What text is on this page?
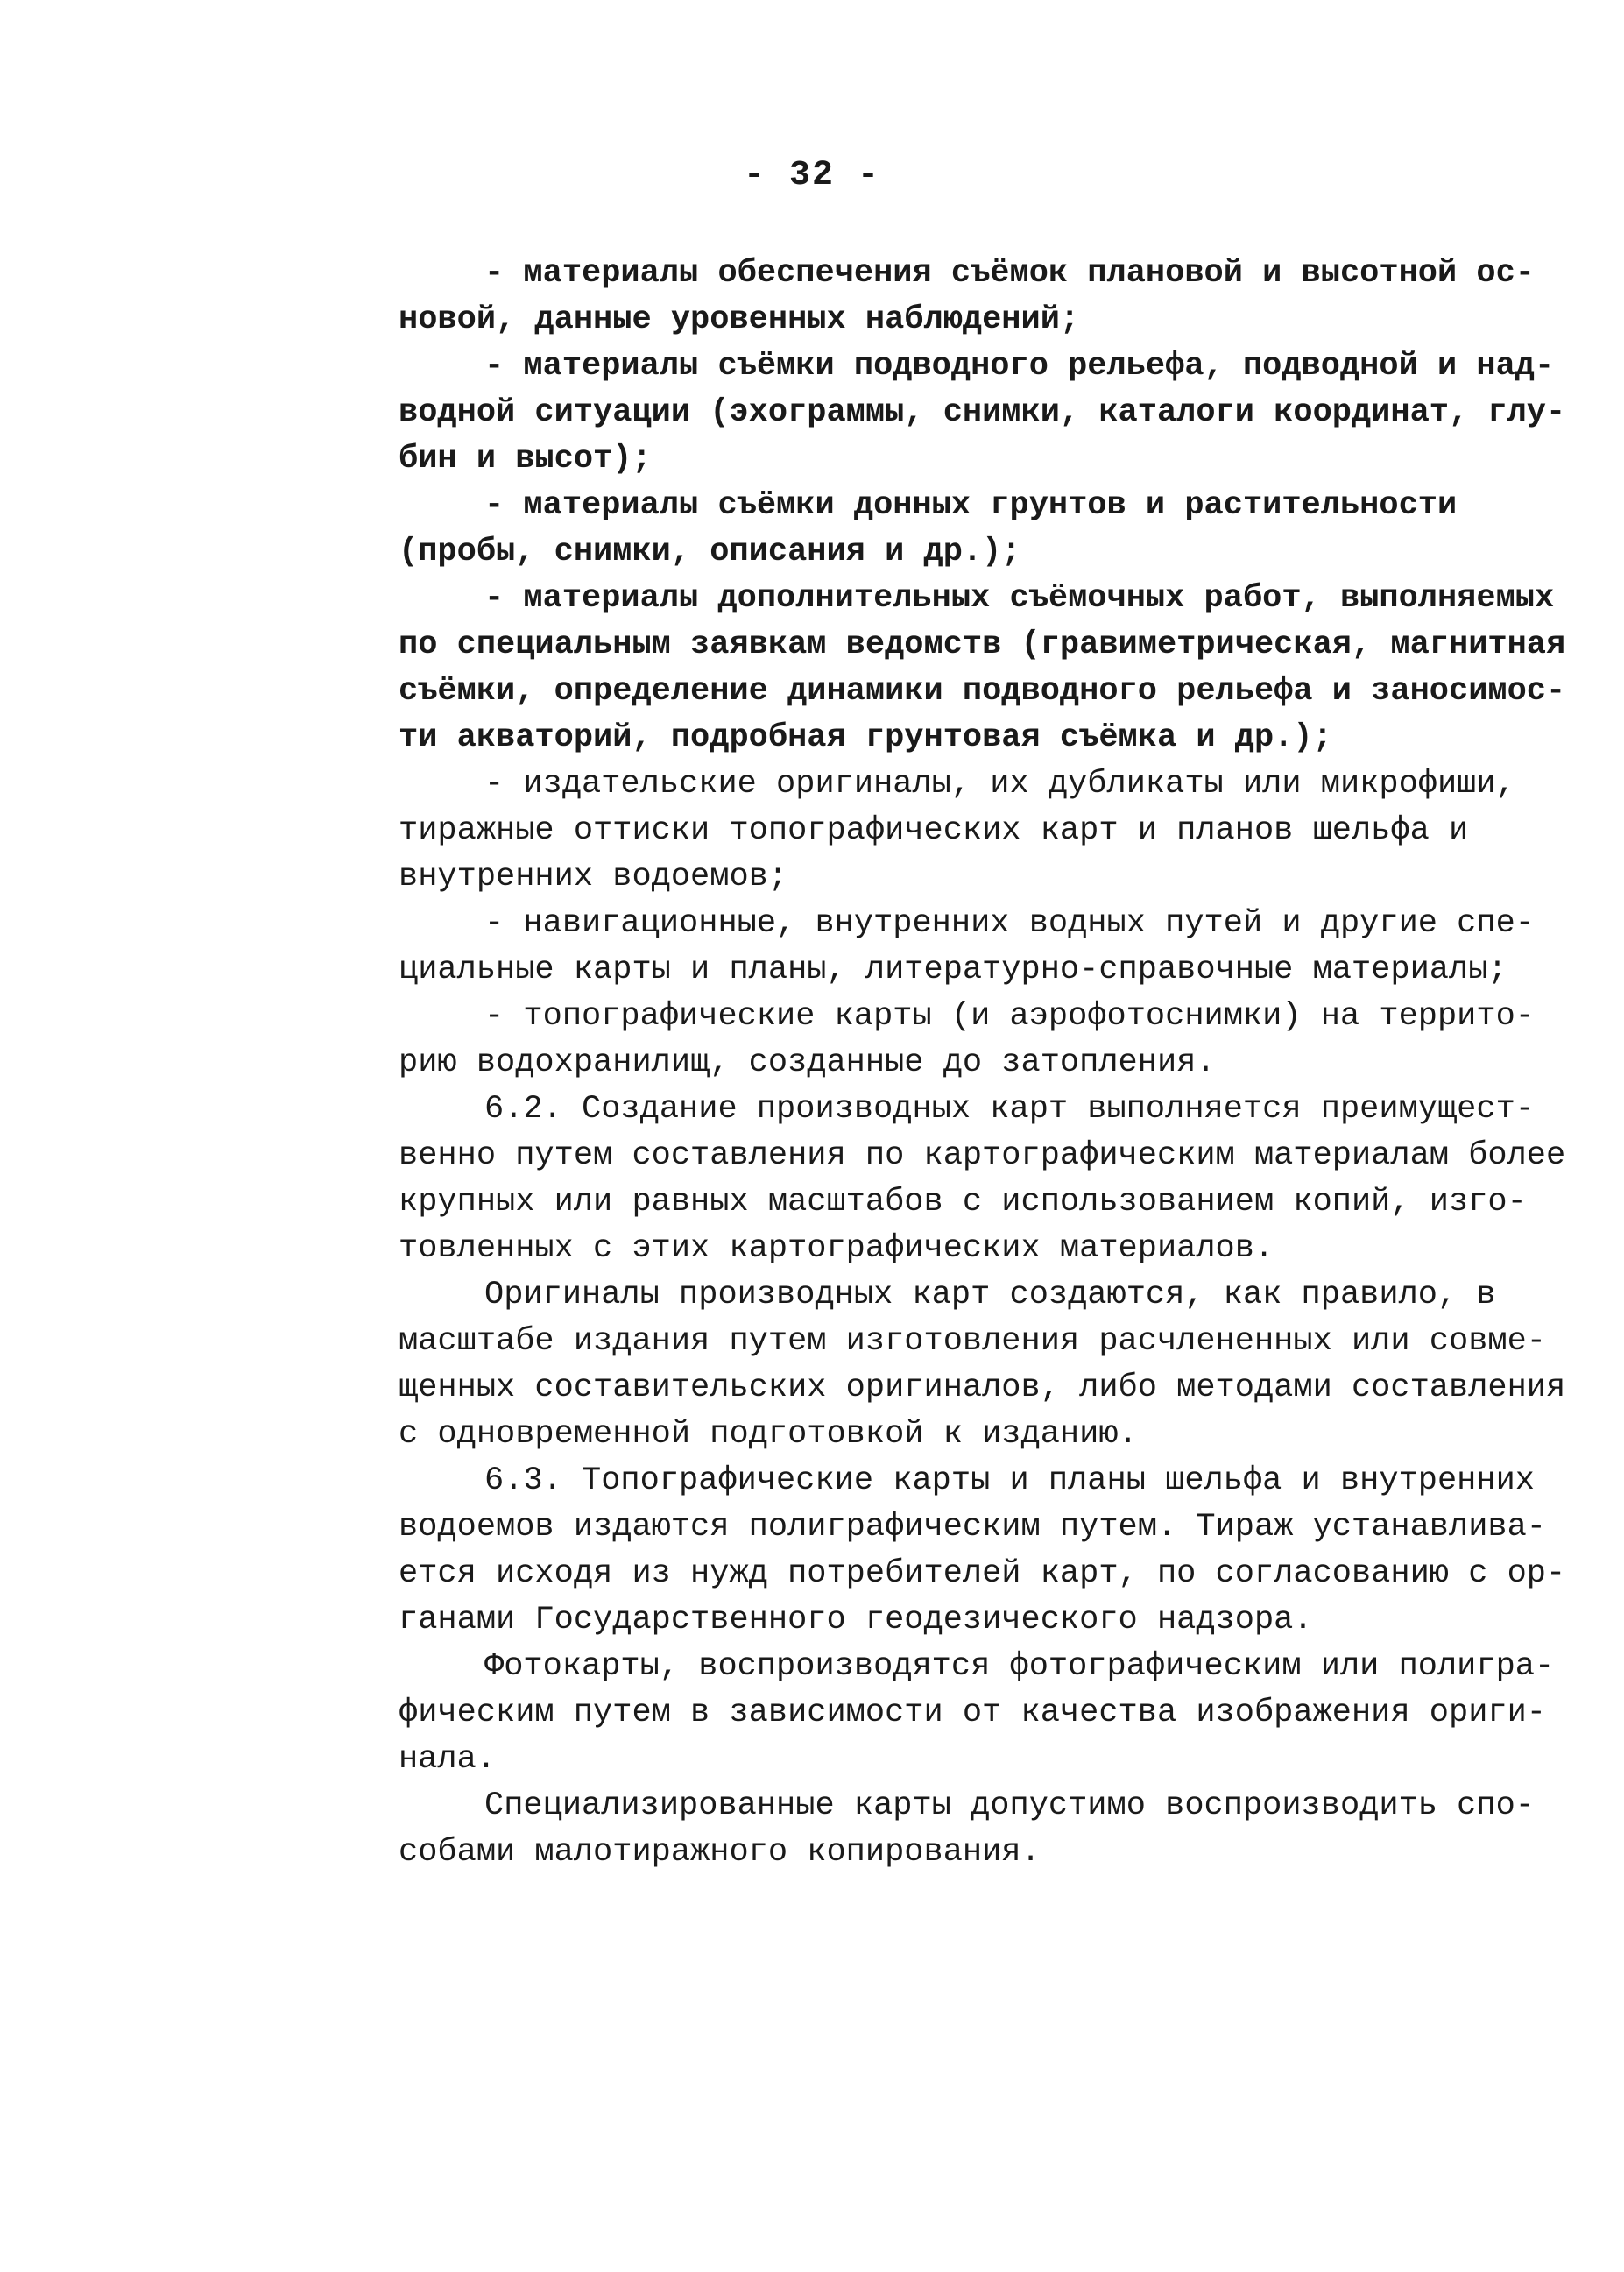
- 32 -
- материалы обеспечения съёмок плановой и высотной ос-
новой, данные уровенных наблюдений;
- материалы съёмки подводного рельефа, подводной и над-
водной ситуации (эхограммы, снимки, каталоги координат, глу-
бин и высот);
- материалы съёмки донных грунтов и растительности
(пробы, снимки, описания и др.);
- материалы дополнительных съёмочных работ, выполняемых
по специальным заявкам ведомств (гравиметрическая, магнитная
съёмки, определение динамики подводного рельефа и заносимос-
ти акваторий, подробная грунтовая съёмка и др.);
- издательские оригиналы, их дубликаты или микрофиши,
тиражные оттиски топографических карт и планов шельфа и
внутренних водоемов;
- навигационные, внутренних водных путей и другие спе-
циальные карты и планы, литературно-справочные материалы;
- топографические карты (и аэрофотоснимки) на террито-
рию водохранилищ, созданные до затопления.
6.2. Создание производных карт выполняется преимущест-
венно путем составления по картографическим материалам более
крупных или равных масштабов с использованием копий, изго-
товленных с этих картографических материалов.
Оригиналы производных карт создаются, как правило, в
масштабе издания путем изготовления расчлененных или совме-
щенных составительских оригиналов, либо методами составления
с одновременной подготовкой к изданию.
6.3. Топографические карты и планы шельфа и внутренних
водоемов издаются полиграфическим путем. Тираж устанавлива-
ется исходя из нужд потребителей карт, по согласованию с ор-
ганами Государственного геодезического надзора.
Фотокарты, воспроизводятся фотографическим или полигра-
фическим путем в зависимости от качества изображения ориги-
нала.
Специализированные карты допустимо воспроизводить спо-
собами малотиражного копирования.
